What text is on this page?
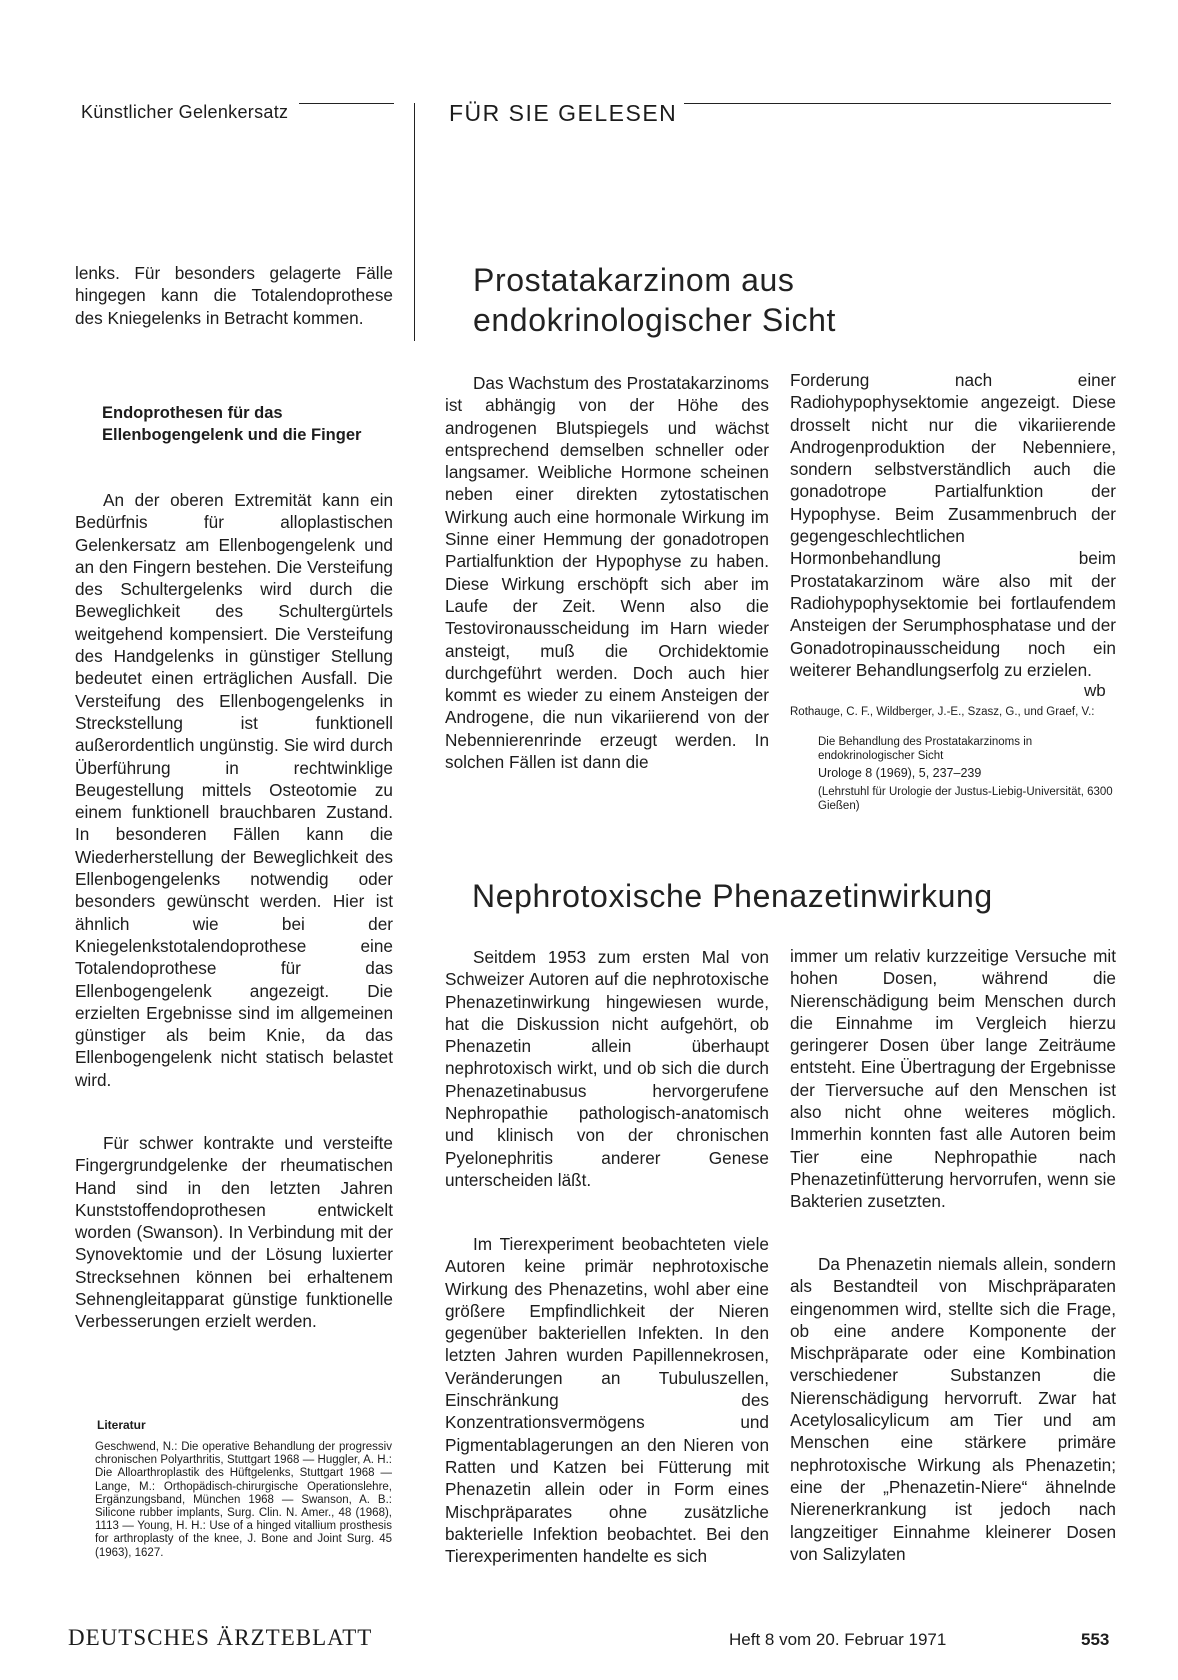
Künstlicher Gelenkersatz	FÜR SIE GELESEN

lenks. Für besonders gelagerte Fälle hingegen kann die Totalendoprothese des Kniegelenks in Betracht kommen.

Endoprothesen für das Ellenbogengelenk und die Finger

An der oberen Extremität kann ein Bedürfnis für alloplastischen Gelenkersatz am Ellenbogengelenk und an den Fingern bestehen. Die Versteifung des Schultergelenks wird durch die Beweglichkeit des Schultergürtels weitgehend kompensiert. Die Versteifung des Handgelenks in günstiger Stellung bedeutet einen erträglichen Ausfall. Die Versteifung des Ellenbogengelenks in Streckstellung ist funktionell außerordentlich ungünstig. Sie wird durch Überführung in rechtwinklige Beugestellung mittels Osteotomie zu einem funktionell brauchbaren Zustand. In besonderen Fällen kann die Wiederherstellung der Beweglichkeit des Ellenbogengelenks notwendig oder besonders gewünscht werden. Hier ist ähnlich wie bei der Kniegelenkstotalendoprothese eine Totalendoprothese für das Ellenbogengelenk angezeigt. Die erzielten Ergebnisse sind im allgemeinen günstiger als beim Knie, da das Ellenbogengelenk nicht statisch belastet wird.

Für schwer kontrakte und versteifte Fingergrundgelenke der rheumatischen Hand sind in den letzten Jahren Kunststoffendoprothesen entwickelt worden (Swanson). In Verbindung mit der Synovektomie und der Lösung luxierter Strecksehnen können bei erhaltenem Sehnengleitapparat günstige funktionelle Verbesserungen erzielt werden.

Literatur
Geschwend, N.: Die operative Behandlung der progressiv chronischen Polyarthritis, Stuttgart 1968 — Huggler, A. H.: Die Alloarthroplastik des Hüftgelenks, Stuttgart 1968 — Lange, M.: Orthopädisch-chirurgische Operationslehre, Ergänzungsband, München 1968 — Swanson, A. B.: Silicone rubber implants, Surg. Clin. N. Amer., 48 (1968), 1113 — Young, H. H.: Use of a hinged vitallium prosthesis for arthroplasty of the knee, J. Bone and Joint Surg. 45 (1963), 1627.
Prostatakarzinom aus
endokrinologischer Sicht

Das Wachstum des Prostatakarzinoms ist abhängig von der Höhe des androgenen Blutspiegels und wächst entsprechend demselben schneller oder langsamer. Weibliche Hormone scheinen neben einer direkten zytostatischen Wirkung auch eine hormonale Wirkung im Sinne einer Hemmung der gonadotropen Partialfunktion der Hypophyse zu haben. Diese Wirkung erschöpft sich aber im Laufe der Zeit. Wenn also die Testovironausscheidung im Harn wieder ansteigt, muß die Orchidektomie durchgeführt werden. Doch auch hier kommt es wieder zu einem Ansteigen der Androgene, die nun vikariierend von der Nebennierenrinde erzeugt werden. In solchen Fällen ist dann die

Forderung nach einer Radiohypophysektomie angezeigt. Diese drosselt nicht nur die vikariierende Androgenproduktion der Nebenniere, sondern selbstverständlich auch die gonadotrope Partialfunktion der Hypophyse. Beim Zusammenbruch der gegengeschlechtlichen Hormonbehandlung beim Prostatakarzinom wäre also mit der Radiohypophysektomie bei fortlaufendem Ansteigen der Serumphosphatase und der Gonadotropinausscheidung noch ein weiterer Behandlungserfolg zu erzielen.

wb
Rothauge, C. F., Wildberger, J.-E., Szasz, G., und Graef, V.:
Die Behandlung des Prostatakarzinoms in endokrinologischer Sicht
Urologe 8 (1969), 5, 237–239
(Lehrstuhl für Urologie der Justus-Liebig-Universität, 6300 Gießen)
Nephrotoxische Phenazetinwirkung

Seitdem 1953 zum ersten Mal von Schweizer Autoren auf die nephrotoxische Phenazetinwirkung hingewiesen wurde, hat die Diskussion nicht aufgehört, ob Phenazetin allein überhaupt nephrotoxisch wirkt, und ob sich die durch Phenazetinabusus hervorgerufene Nephropathie pathologisch-anatomisch und klinisch von der chronischen Pyelonephritis anderer Genese unterscheiden läßt.

Im Tierexperiment beobachteten viele Autoren keine primär nephrotoxische Wirkung des Phenazetins, wohl aber eine größere Empfindlichkeit der Nieren gegenüber bakteriellen Infekten. In den letzten Jahren wurden Papillennekrosen, Veränderungen an Tubuluszellen, Einschränkung des Konzentrationsvermögens und Pigmentablagerungen an den Nieren von Ratten und Katzen bei Fütterung mit Phenazetin allein oder in Form eines Mischpräparates ohne zusätzliche bakterielle Infektion beobachtet. Bei den Tierexperimenten handelte es sich

immer um relativ kurzzeitige Versuche mit hohen Dosen, während die Nierenschädigung beim Menschen durch die Einnahme im Vergleich hierzu geringerer Dosen über lange Zeiträume entsteht. Eine Übertragung der Ergebnisse der Tierversuche auf den Menschen ist also nicht ohne weiteres möglich. Immerhin konnten fast alle Autoren beim Tier eine Nephropathie nach Phenazetinfütterung hervorrufen, wenn sie Bakterien zusetzten.

Da Phenazetin niemals allein, sondern als Bestandteil von Mischpräparaten eingenommen wird, stellte sich die Frage, ob eine andere Komponente der Mischpräparate oder eine Kombination verschiedener Substanzen die Nierenschädigung hervorruft. Zwar hat Acetylosalicylicum am Tier und am Menschen eine stärkere primäre nephrotoxische Wirkung als Phenazetin; eine der „Phenazetin-Niere“ ähnelnde Nierenerkrankung ist jedoch nach langzeitiger Einnahme kleinerer Dosen von Salizylaten

DEUTSCHES ÄRZTEBLATT	Heft 8 vom 20. Februar 1971	553
